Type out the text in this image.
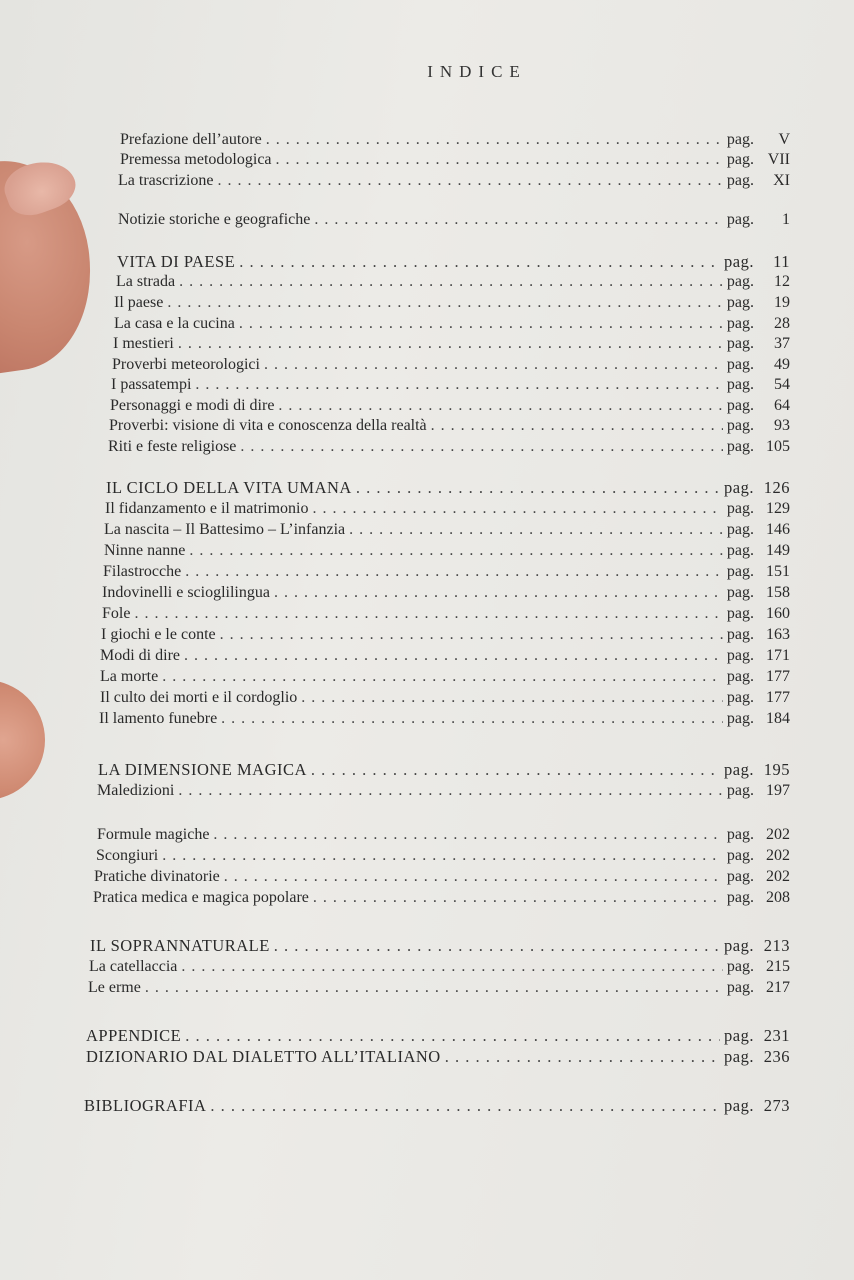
INDICE
Prefazione dell’autore . . .	pag.	V
Premessa metodologica . . .	pag. VII
La trascrizione . . .	pag.	XI
Notizie storiche e geografiche . . .	pag.	1
VITA DI PAESE . . .	pag.	11
La strada . . .	pag.	12
Il paese . . .	pag.	19
La casa e la cucina . . .	pag.	28
I mestieri . . .	pag.	37
Proverbi meteorologici . . .	pag.	49
I passatempi . . .	pag.	54
Personaggi e modi di dire . . .	pag.	64
Proverbi: visione di vita e conoscenza della realtà . . .	pag.	93
Riti e feste religiose . . .	pag. 105
IL CICLO DELLA VITA UMANA . . .	pag. 126
Il fidanzamento e il matrimonio . . .	pag. 129
La nascita – Il Battesimo – L’infanzia . . .	pag. 146
Ninne nanne . . .	pag. 149
Filastrocche . . .	pag. 151
Indovinelli e scioglilingua . . .	pag. 158
Fole . . .	pag. 160
I giochi e le conte . . .	pag. 163
Modi di dire . . .	pag. 171
La morte . . .	pag. 177
Il culto dei morti e il cordoglio . . .	pag. 177
Il lamento funebre . . .	pag. 184
LA DIMENSIONE MAGICA . . .	pag. 195
Maledizioni . . .	pag. 197
Formule magiche . . .	pag. 202
Scongiuri . . .	pag. 202
Pratiche divinatorie . . .	pag. 202
Pratica medica e magica popolare . . .	pag. 208
IL SOPRANNATURALE . . .	pag. 213
La catellaccia . . .	pag. 215
Le erme . . .	pag. 217
APPENDICE . . .	pag. 231
DIZIONARIO DAL DIALETTO ALL’ITALIANO . . .	pag. 236
BIBLIOGRAFIA . . .	pag. 273
